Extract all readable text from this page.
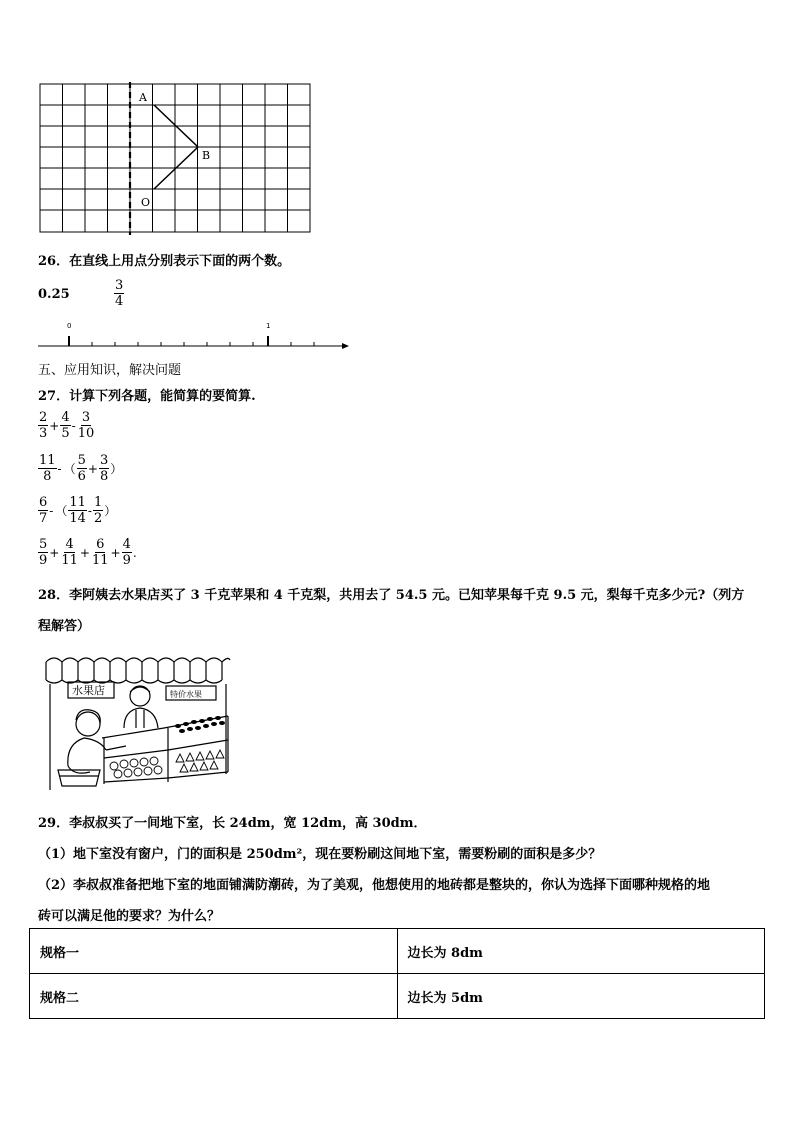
A
B
O
26．在直线上用点分别表示下面的两个数。
0.25	$\frac{3}{4}$
0	1
五、应用知识，解决问题
27．计算下列各题，能简算的要简算.
$\frac{2}{3} + \frac{4}{5} - \frac{3}{10}$
$\frac{11}{8}$ - （ $\frac{5}{6} + \frac{3}{8}$ ）
$\frac{6}{7}$ - （ $\frac{11}{14} - \frac{1}{2}$ ）
$\frac{5}{9} + \frac{4}{11} + \frac{6}{11} + \frac{4}{9}$ .
28．李阿姨去水果店买了 3 千克苹果和 4 千克梨，共用去了 54.5 元。已知苹果每千克 9.5 元，梨每千克多少元?（列方
程解答）
水果店	特价水果
29．李叔叔买了一间地下室，长 24dm，宽 12dm，高 30dm．
（1）地下室没有窗户，门的面积是 250dm²，现在要粉刷这间地下室，需要粉刷的面积是多少？
（2）李叔叔准备把地下室的地面铺满防潮砖，为了美观，他想使用的地砖都是整块的，你认为选择下面哪种规格的地
砖可以满足他的要求？为什么？
规格一	边长为 8dm
规格二	边长为 5dm
